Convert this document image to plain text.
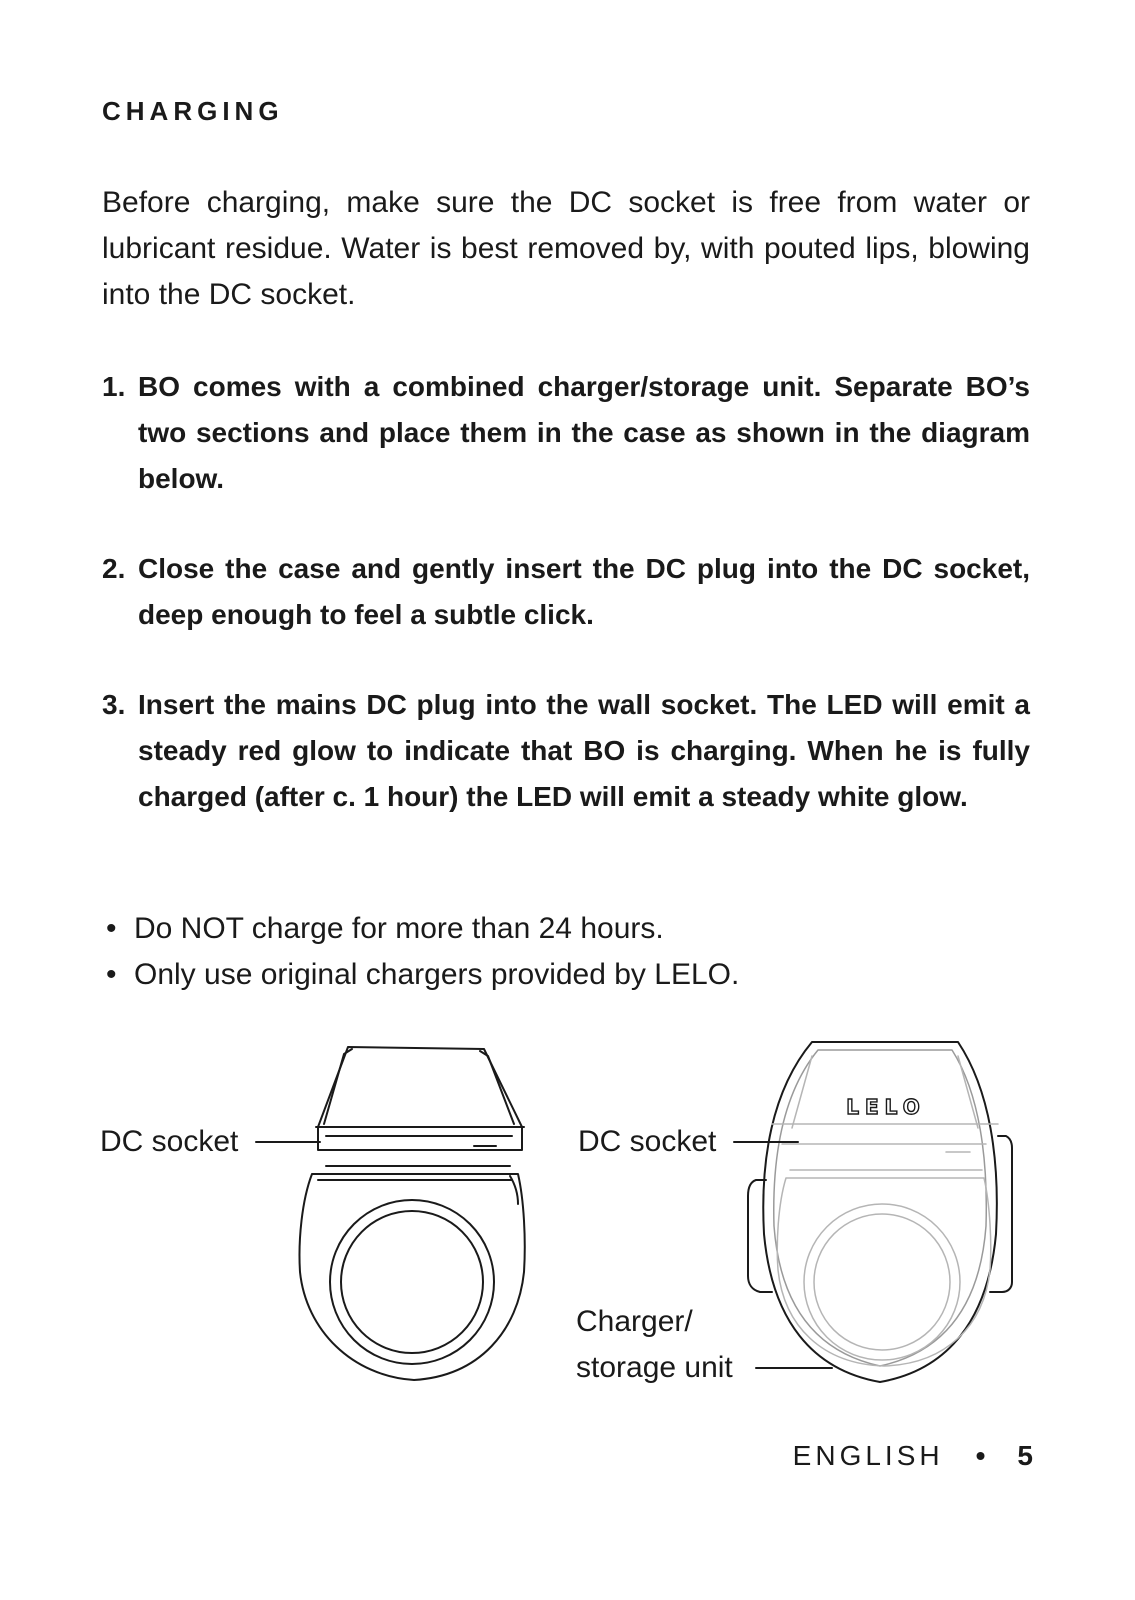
CHARGING

Before charging, make sure the DC socket is free from water or lubricant residue. Water is best removed by, with pouted lips, blowing into the DC socket.

1. BO comes with a combined charger/storage unit. Separate BO’s two sections and place them in the case as shown in the diagram below.
2. Close the case and gently insert the DC plug into the DC socket, deep enough to feel a subtle click.
3. Insert the mains DC plug into the wall socket. The LED will emit a steady red glow to indicate that BO is charging. When he is fully charged (after c. 1 hour) the LED will emit a steady white glow.
• Do NOT charge for more than 24 hours.
• Only use original chargers provided by LELO.
LELO
DC socket	DC socket
Charger/
storage unit
ENGLISH • 5
